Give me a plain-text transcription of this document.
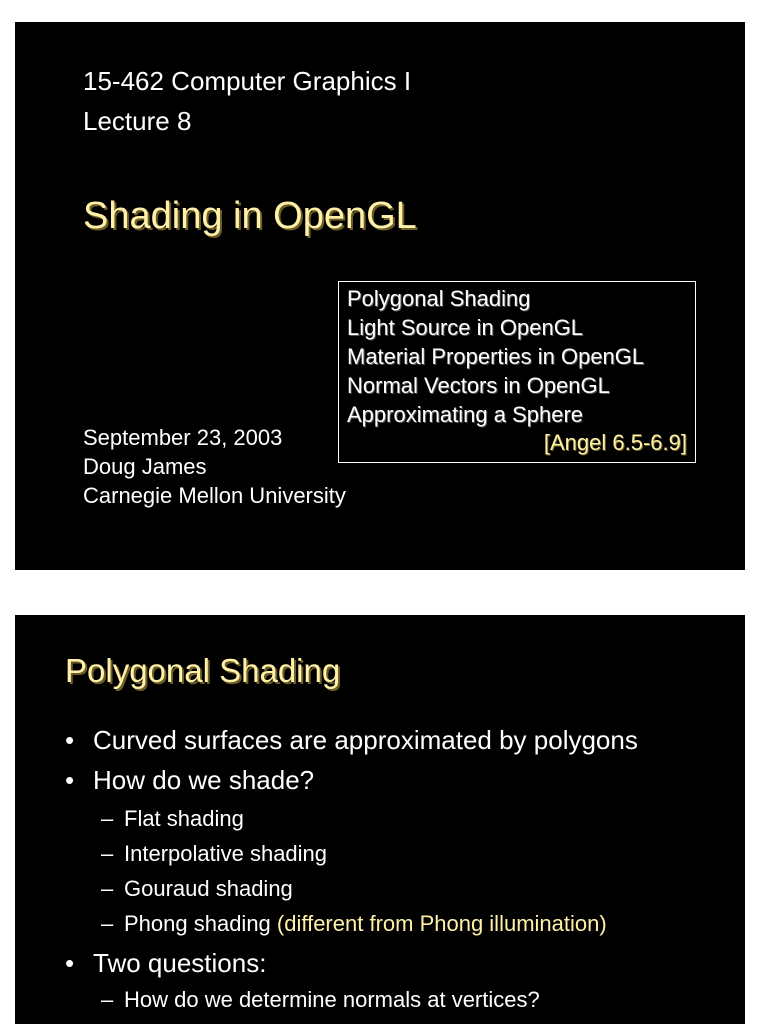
15-462 Computer Graphics I
Lecture 8
Shading in OpenGL
Polygonal Shading
Light Source in OpenGL
Material Properties in OpenGL
Normal Vectors in OpenGL
Approximating a Sphere
[Angel 6.5-6.9]
September 23, 2003
Doug James
Carnegie Mellon University
Polygonal Shading
• Curved surfaces are approximated by polygons
• How do we shade?
– Flat shading
– Interpolative shading
– Gouraud shading
– Phong shading (different from Phong illumination)
• Two questions:
– How do we determine normals at vertices?
